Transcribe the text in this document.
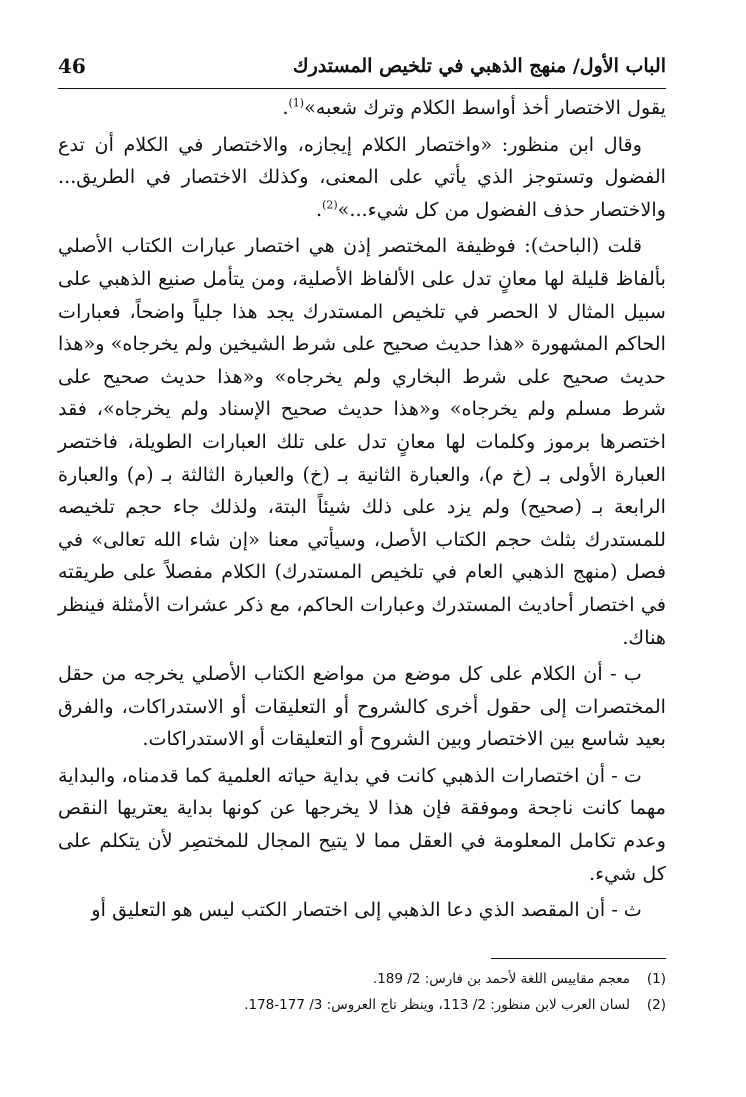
46	الباب الأول/ منهج الذهبي في تلخيص المستدرك

يقول الاختصار أخذ أواسط الكلام وترك شعبه»$^{(1)}$.

وقال ابن منظور: «واختصار الكلام إيجازه، والاختصار في الكلام أن تدع الفضول وتستوجز الذي يأتي على المعنى، وكذلك الاختصار في الطريق... والاختصار حذف الفضول من كل شيء...»$^{(2)}$.

قلت (الباحث): فوظيفة المختصر إذن هي اختصار عبارات الكتاب الأصلي بألفاظ قليلة لها معانٍ تدل على الألفاظ الأصلية، ومن يتأمل صنيع الذهبي على سبيل المثال لا الحصر في تلخيص المستدرك يجد هذا جلياً واضحاً، فعبارات الحاكم المشهورة «هذا حديث صحيح على شرط الشيخين ولم يخرجاه» و«هذا حديث صحيح على شرط البخاري ولم يخرجاه» و«هذا حديث صحيح على شرط مسلم ولم يخرجاه» و«هذا حديث صحيح الإسناد ولم يخرجاه»، فقد اختصرها برموز وكلمات لها معانٍ تدل على تلك العبارات الطويلة، فاختصر العبارة الأولى بـ (خ م)، والعبارة الثانية بـ (خ) والعبارة الثالثة بـ (م) والعبارة الرابعة بـ (صحيح) ولم يزد على ذلك شيئاً البتة، ولذلك جاء حجم تلخيصه للمستدرك بثلث حجم الكتاب الأصل، وسيأتي معنا «إن شاء الله تعالى» في فصل (منهج الذهبي العام في تلخيص المستدرك) الكلام مفصلاً على طريقته في اختصار أحاديث المستدرك وعبارات الحاكم، مع ذكر عشرات الأمثلة فينظر هناك.

ب - أن الكلام على كل موضع من مواضع الكتاب الأصلي يخرجه من حقل المختصرات إلى حقول أخرى كالشروح أو التعليقات أو الاستدراكات، والفرق بعيد شاسع بين الاختصار وبين الشروح أو التعليقات أو الاستدراكات.

ت - أن اختصارات الذهبي كانت في بداية حياته العلمية كما قدمناه، والبداية مهما كانت ناجحة وموفقة فإن هذا لا يخرجها عن كونها بداية يعتريها النقص وعدم تكامل المعلومة في العقل مما لا يتيح المجال للمختصِر لأن يتكلم على كل شيء.

ث - أن المقصد الذي دعا الذهبي إلى اختصار الكتب ليس هو التعليق أو

(1)
معجم مقاييس اللغة لأحمد بن فارس: 2/ 189.
(2)
لسان العرب لابن منظور: 2/ 113، وينظر تاج العروس: 3/ 177-178.
